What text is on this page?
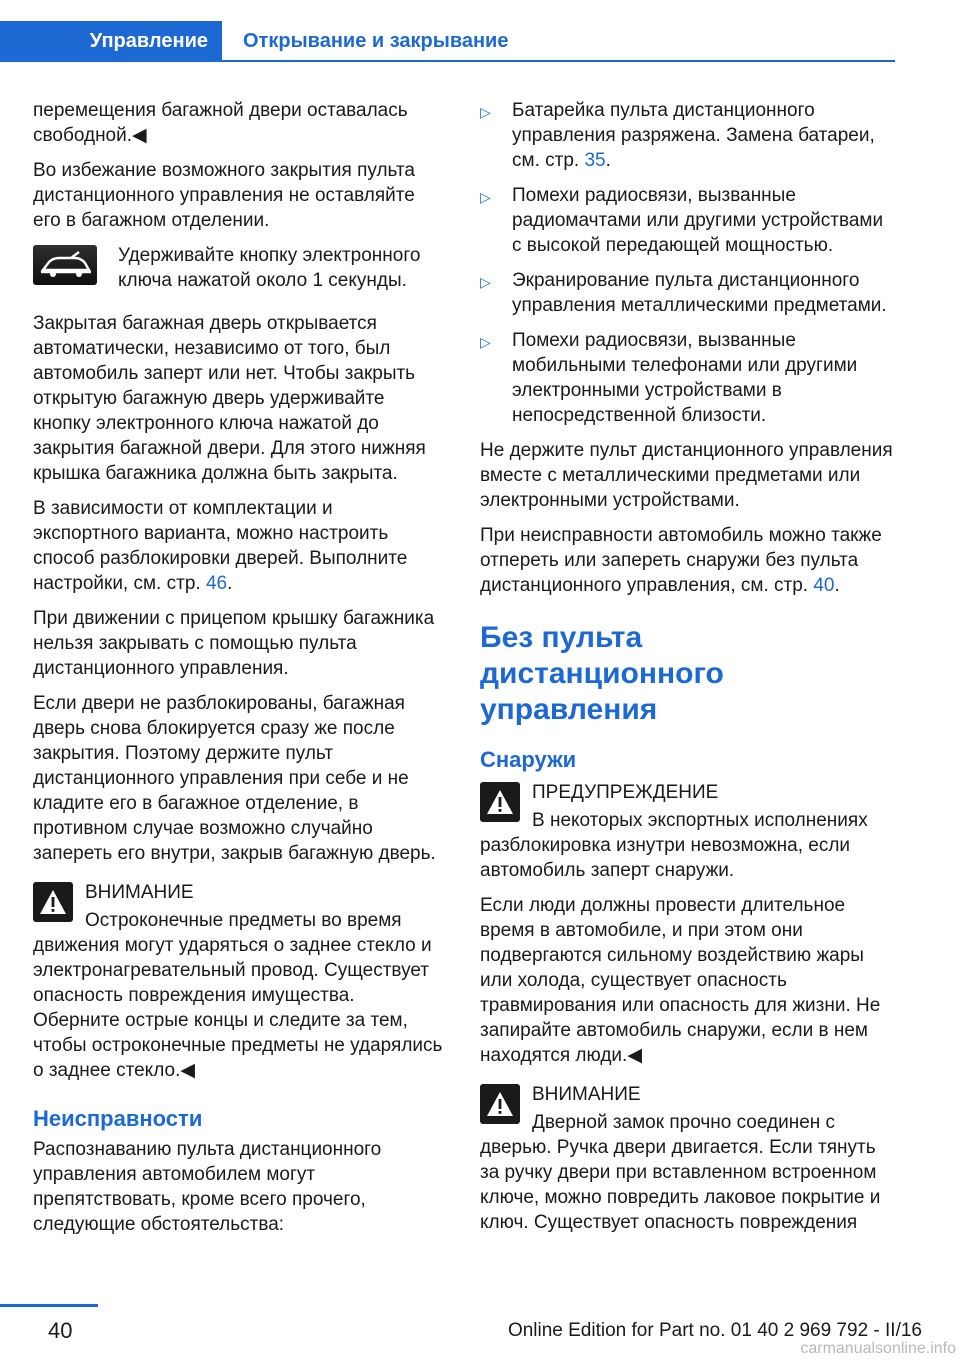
Управление Открывание и закрывание

перемещения багажной двери оставалась свободной.◀

Во избежание возможного закрытия пульта дистанционного управления не оставляйте его в багажном отделении.

Удерживайте кнопку электронного ключа нажатой около 1 секунды.

Закрытая багажная дверь открывается автоматически, независимо от того, был автомобиль заперт или нет. Чтобы закрыть открытую багажную дверь удерживайте кнопку электронного ключа нажатой до закрытия багажной двери. Для этого нижняя крышка багажника должна быть закрыта.

В зависимости от комплектации и экспортного варианта, можно настроить способ разблокировки дверей. Выполните настройки, см. стр. 46.

При движении с прицепом крышку багажника нельзя закрывать с помощью пульта дистанционного управления.

Если двери не разблокированы, багажная дверь снова блокируется сразу же после закрытия. Поэтому держите пульт дистанционного управления при себе и не кладите его в багажное отделение, в противном случае возможно случайно запереть его внутри, закрыв багажную дверь.

ВНИМАНИЕ
Остроконечные предметы во время движения могут ударяться о заднее стекло и электронагревательный провод. Существует опасность повреждения имущества. Оберните острые концы и следите за тем, чтобы остроконечные предметы не ударялись о заднее стекло.◀
Неисправности

Распознаванию пульта дистанционного управления автомобилем могут препятствовать, кроме всего прочего, следующие обстоятельства:

▷	Батарейка пульта дистанционного управления разряжена. Замена батареи, см. стр. 35.
▷	Помехи радиосвязи, вызванные радиомачтами или другими устройствами с высокой передающей мощностью.
▷	Экранирование пульта дистанционного управления металлическими предметами.
▷	Помехи радиосвязи, вызванные мобильными телефонами или другими электронными устройствами в непосредственной близости.

Не держите пульт дистанционного управления вместе с металлическими предметами или электронными устройствами.

При неисправности автомобиль можно также отпереть или запереть снаружи без пульта дистанционного управления, см. стр. 40.

Без пульта дистанционного управления
Снаружи
ПРЕДУПРЕЖДЕНИЕ
В некоторых экспортных исполнениях разблокировка изнутри невозможна, если автомобиль заперт снаружи.

Если люди должны провести длительное время в автомобиле, и при этом они подвергаются сильному воздействию жары или холода, существует опасность травмирования или опасность для жизни. Не запирайте автомобиль снаружи, если в нем находятся люди.◀

ВНИМАНИЕ
Дверной замок прочно соединен с дверью. Ручка двери двигается. Если тянуть за ручку двери при вставленном встроенном ключе, можно повредить лаковое покрытие и ключ. Существует опасность повреждения
40	Online Edition for Part no. 01 40 2 969 792 - II/16
carmanualsonline.info
